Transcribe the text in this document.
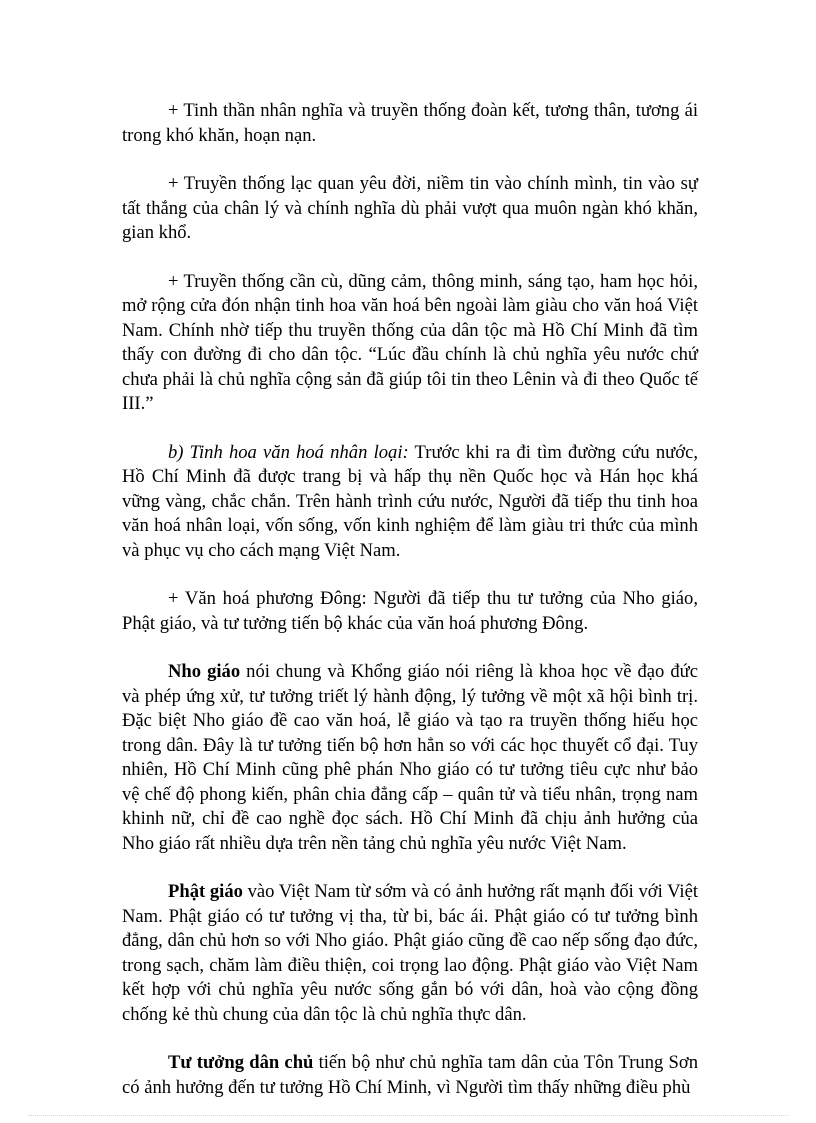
+ Tinh thần nhân nghĩa và truyền thống đoàn kết, tương thân, tương ái trong khó khăn, hoạn nạn.

+ Truyền thống lạc quan yêu đời, niềm tin vào chính mình, tin vào sự tất thắng của chân lý và chính nghĩa dù phải vượt qua muôn ngàn khó khăn, gian khổ.

+ Truyền thống cần cù, dũng cảm, thông minh, sáng tạo, ham học hỏi, mở rộng cửa đón nhận tinh hoa văn hoá bên ngoài làm giàu cho văn hoá Việt Nam. Chính nhờ tiếp thu truyền thống của dân tộc mà Hồ Chí Minh đã tìm thấy con đường đi cho dân tộc. “Lúc đầu chính là chủ nghĩa yêu nước chứ chưa phải là chủ nghĩa cộng sản đã giúp tôi tin theo Lênin và đi theo Quốc tế III.”

b) Tinh hoa văn hoá nhân loại: Trước khi ra đi tìm đường cứu nước, Hồ Chí Minh đã được trang bị và hấp thụ nền Quốc học và Hán học khá vững vàng, chắc chắn. Trên hành trình cứu nước, Người đã tiếp thu tinh hoa văn hoá nhân loại, vốn sống, vốn kinh nghiệm để làm giàu tri thức của mình và phục vụ cho cách mạng Việt Nam.

+ Văn hoá phương Đông: Người đã tiếp thu tư tưởng của Nho giáo, Phật giáo, và tư tưởng tiến bộ khác của văn hoá phương Đông.

Nho giáo nói chung và Khổng giáo nói riêng là khoa học về đạo đức và phép ứng xử, tư tưởng triết lý hành động, lý tưởng về một xã hội bình trị. Đặc biệt Nho giáo đề cao văn hoá, lễ giáo và tạo ra truyền thống hiếu học trong dân. Đây là tư tưởng tiến bộ hơn hẳn so với các học thuyết cổ đại. Tuy nhiên, Hồ Chí Minh cũng phê phán Nho giáo có tư tưởng tiêu cực như bảo vệ chế độ phong kiến, phân chia đẳng cấp – quân tử và tiểu nhân, trọng nam khinh nữ, chỉ đề cao nghề đọc sách. Hồ Chí Minh đã chịu ảnh hưởng của Nho giáo rất nhiều dựa trên nền tảng chủ nghĩa yêu nước Việt Nam.

Phật giáo vào Việt Nam từ sớm và có ảnh hưởng rất mạnh đối với Việt Nam. Phật giáo có tư tưởng vị tha, từ bi, bác ái. Phật giáo có tư tưởng bình đẳng, dân chủ hơn so với Nho giáo. Phật giáo cũng đề cao nếp sống đạo đức, trong sạch, chăm làm điều thiện, coi trọng lao động. Phật giáo vào Việt Nam kết hợp với chủ nghĩa yêu nước sống gắn bó với dân, hoà vào cộng đồng chống kẻ thù chung của dân tộc là chủ nghĩa thực dân.

Tư tưởng dân chủ tiến bộ như chủ nghĩa tam dân của Tôn Trung Sơn có ảnh hưởng đến tư tưởng Hồ Chí Minh, vì Người tìm thấy những điều phù
